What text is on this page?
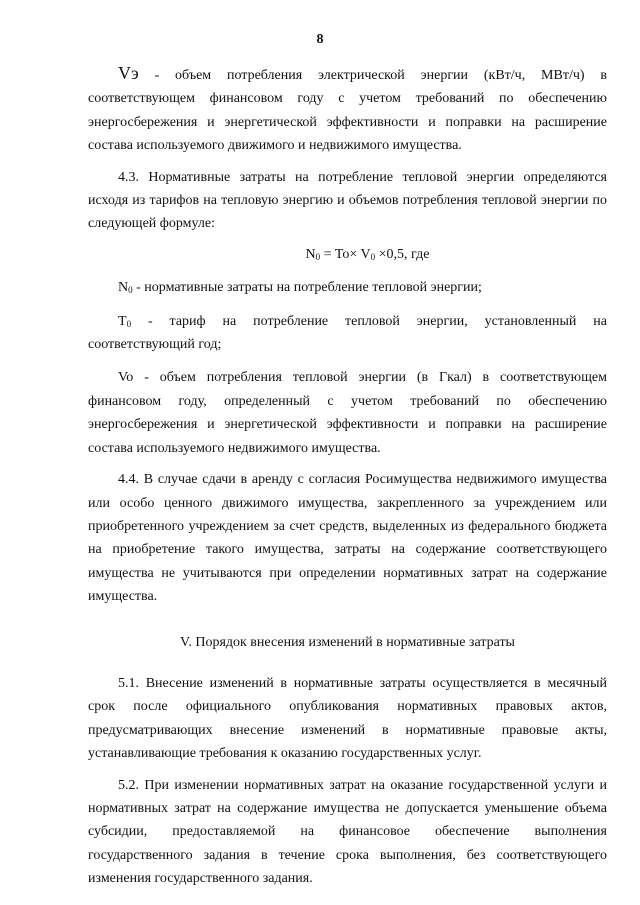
8

Vэ - объем потребления электрической энергии (кВт/ч, МВт/ч) в соответствующем финансовом году с учетом требований по обеспечению энергосбережения и энергетической эффективности и поправки на расширение состава используемого движимого и недвижимого имущества.

4.3. Нормативные затраты на потребление тепловой энергии определяются исходя из тарифов на тепловую энергию и объемов потребления тепловой энергии по следующей формуле:

$N_0 = To\times V_0 \times 0,5$, где

$N_0$ - нормативные затраты на потребление тепловой энергии;

$T_0$ - тариф на потребление тепловой энергии, установленный на соответствующий год;

Vo - объем потребления тепловой энергии (в Гкал) в соответствующем финансовом году, определенный с учетом требований по обеспечению энергосбережения и энергетической эффективности и поправки на расширение состава используемого недвижимого имущества.

4.4. В случае сдачи в аренду с согласия Росимущества недвижимого имущества или особо ценного движимого имущества, закрепленного за учреждением или приобретенного учреждением за счет средств, выделенных из федерального бюджета на приобретение такого имущества, затраты на содержание соответствующего имущества не учитываются при определении нормативных затрат на содержание имущества.

V. Порядок внесения изменений в нормативные затраты

5.1. Внесение изменений в нормативные затраты осуществляется в месячный срок после официального опубликования нормативных правовых актов, предусматривающих внесение изменений в нормативные правовые акты, устанавливающие требования к оказанию государственных услуг.

5.2. При изменении нормативных затрат на оказание государственной услуги и нормативных затрат на содержание имущества не допускается уменьшение объема субсидии, предоставляемой на финансовое обеспечение выполнения государственного задания в течение срока выполнения, без соответствующего изменения государственного задания.
